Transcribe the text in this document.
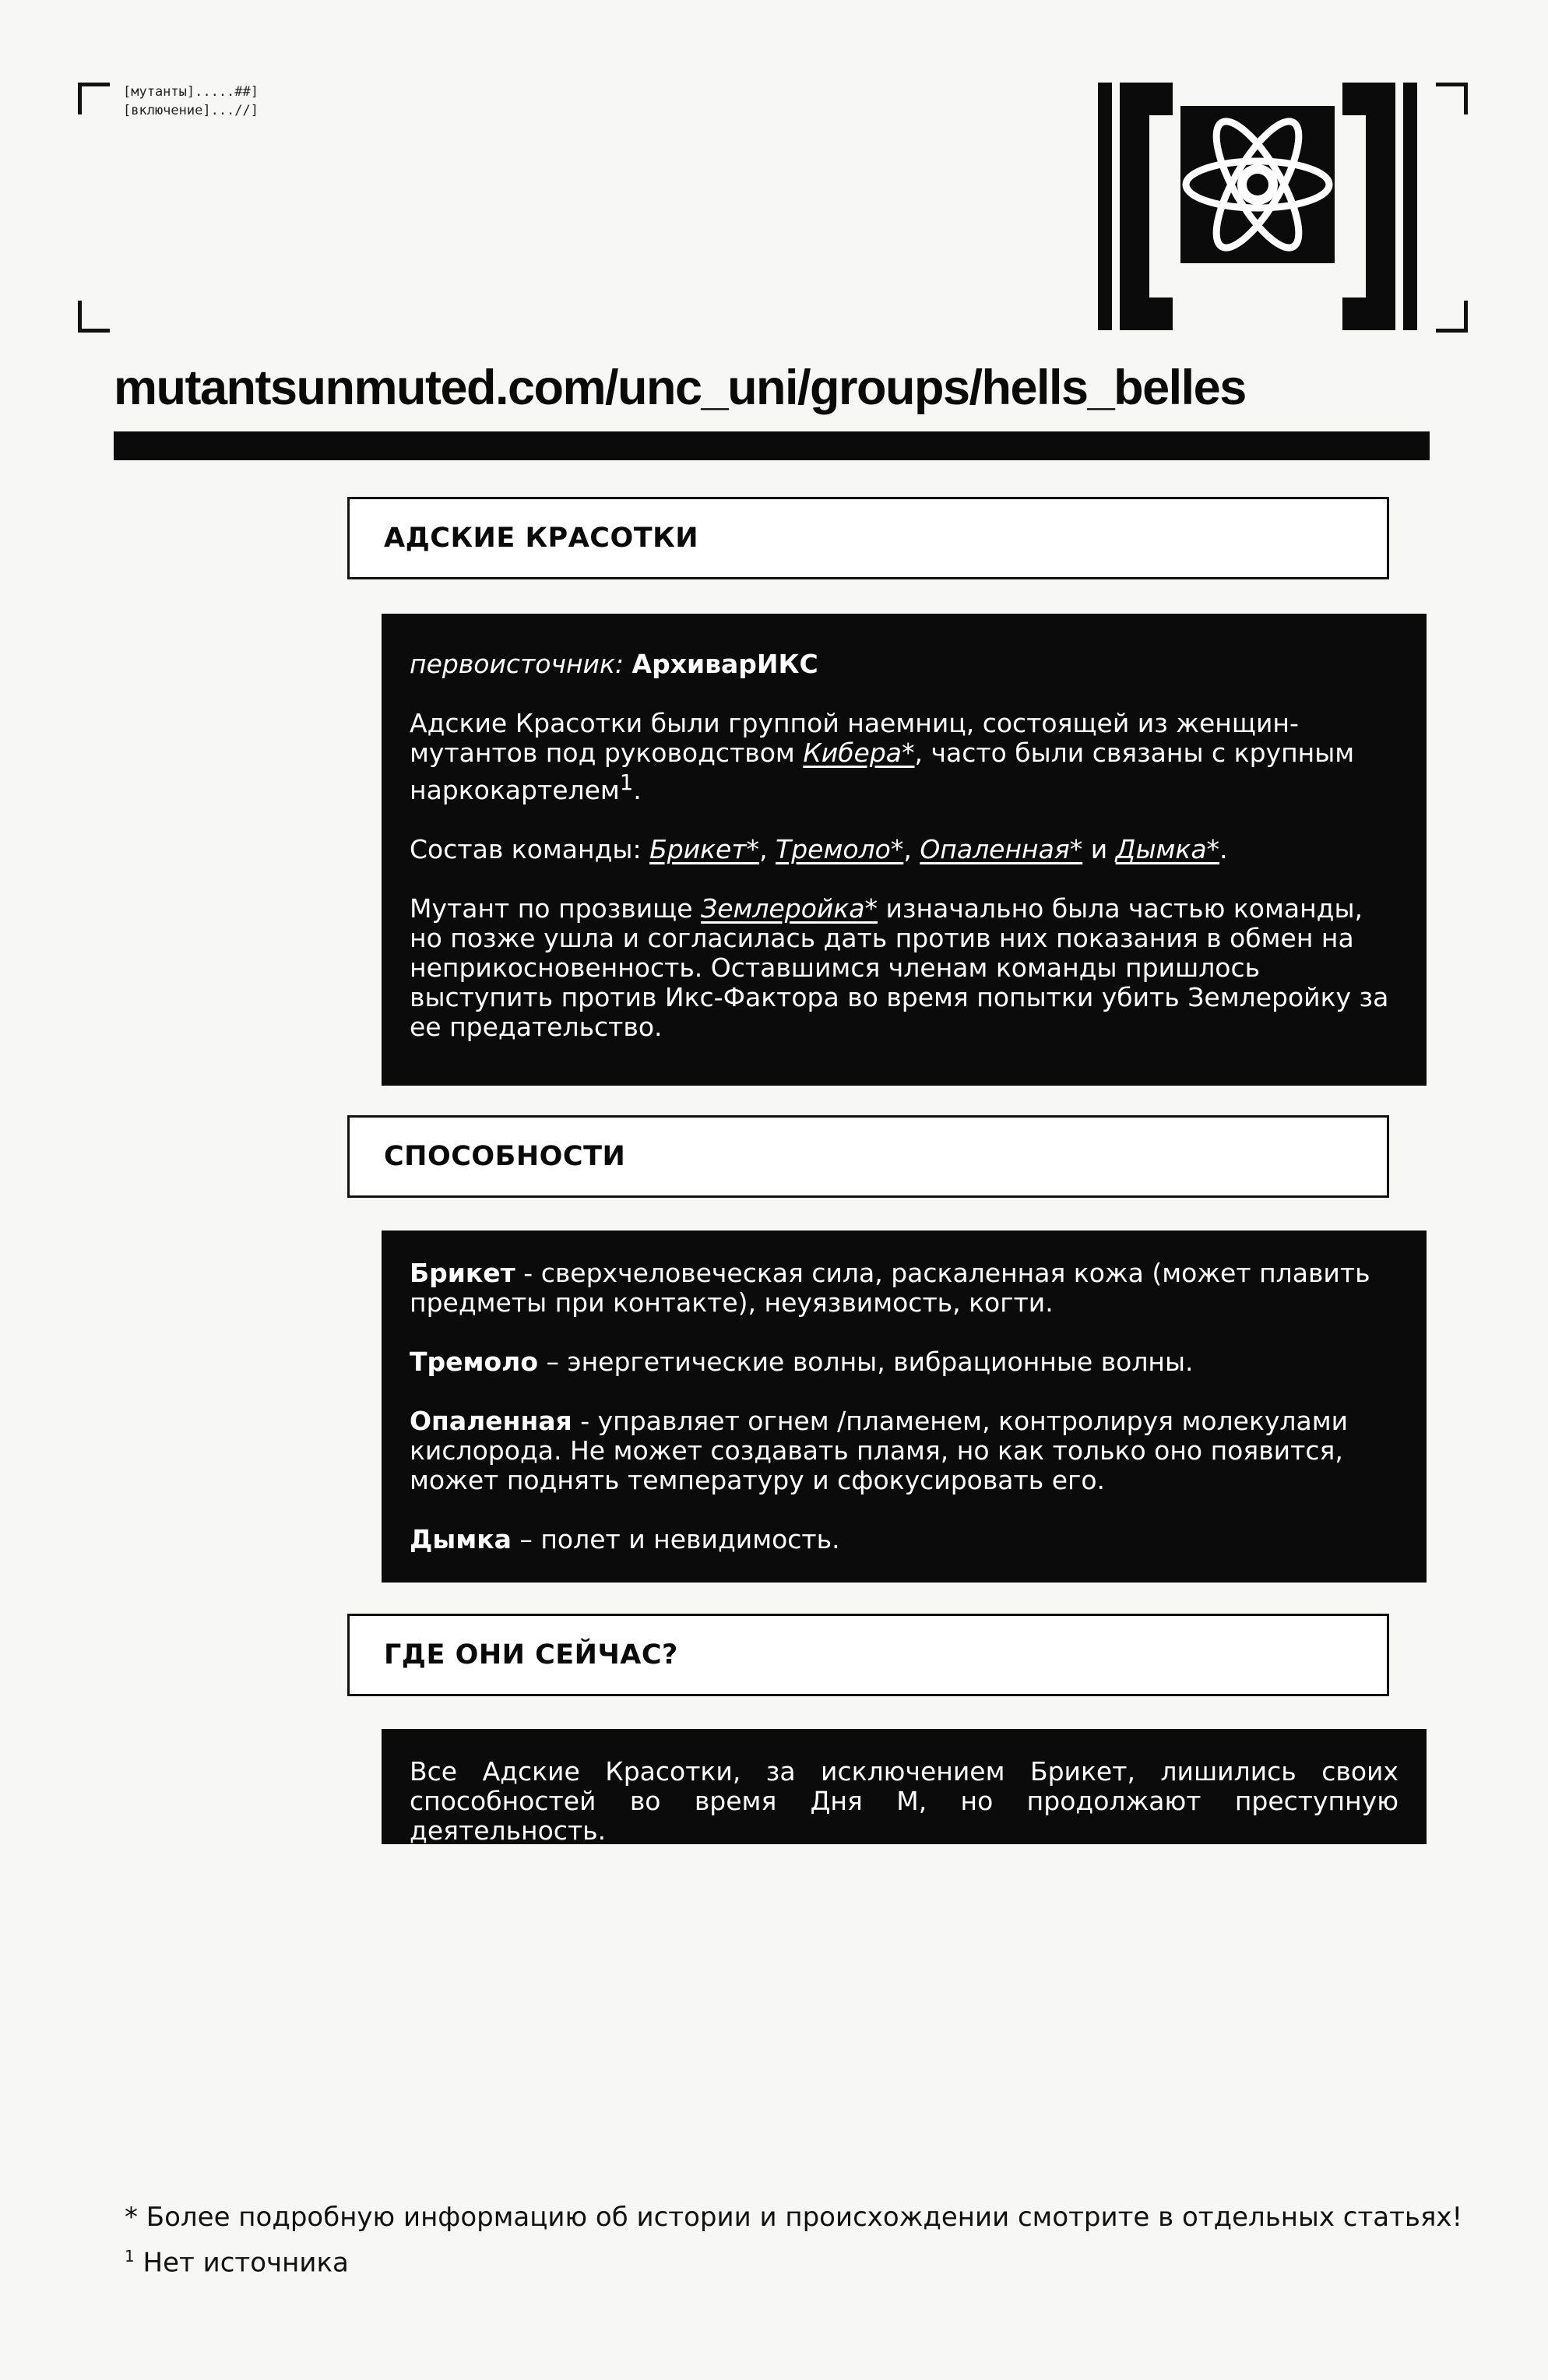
[мутанты].....##]
[включение]...//]
mutantsunmuted.com/unc_uni/groups/hells_belles
АДСКИЕ КРАСОТКИ

первоисточник: АрхиварИКС

Адские Красотки были группой наемниц, состоящей из женщин-мутантов под руководством Кибера*, часто были связаны с крупным наркокартелем$^1$.

Состав команды: Брикет*, Тремоло*, Опаленная* и Дымка*.

Мутант по прозвище Землеройка* изначально была частью команды, но позже ушла и согласилась дать против них показания в обмен на неприкосновенность. Оставшимся членам команды пришлось выступить против Икс-Фактора во время попытки убить Землеройку за ее предательство.

СПОСОБНОСТИ

Брикет - сверхчеловеческая сила, раскаленная кожа (может плавить предметы при контакте), неуязвимость, когти.

Тремоло – энергетические волны, вибрационные волны.

Опаленная - управляет огнем /пламенем, контролируя молекулами кислорода. Не может создавать пламя, но как только оно появится, может поднять температуру и сфокусировать его.

Дымка – полет и невидимость.

ГДЕ ОНИ СЕЙЧАС?

Все Адские Красотки, за исключением Брикет, лишились своих способностей во время Дня М, но продолжают преступную деятельность.

* Более подробную информацию об истории и происхождении смотрите в отдельных статьях!
$^1$ Нет источника
